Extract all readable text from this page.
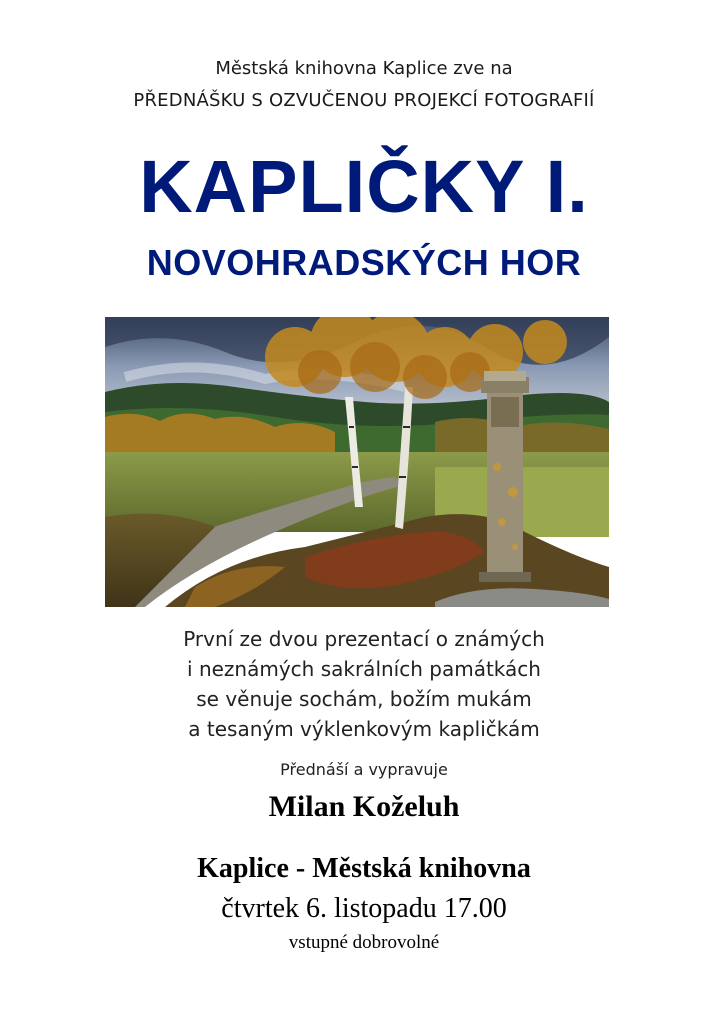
Městská knihovna Kaplice zve na
PŘEDNÁŠKU S OZVUČENOU PROJEKCÍ FOTOGRAFIÍ
KAPLIČKY I.
NOVOHRADSKÝCH HOR
První ze dvou prezentací o známých
i neznámých sakrálních památkách
se věnuje sochám, božím mukám
a tesaným výklenkovým kapličkám
Přednáší a vypravuje
Milan Koželuh
Kaplice - Městská knihovna
čtvrtek 6. listopadu 17.00
vstupné dobrovolné
